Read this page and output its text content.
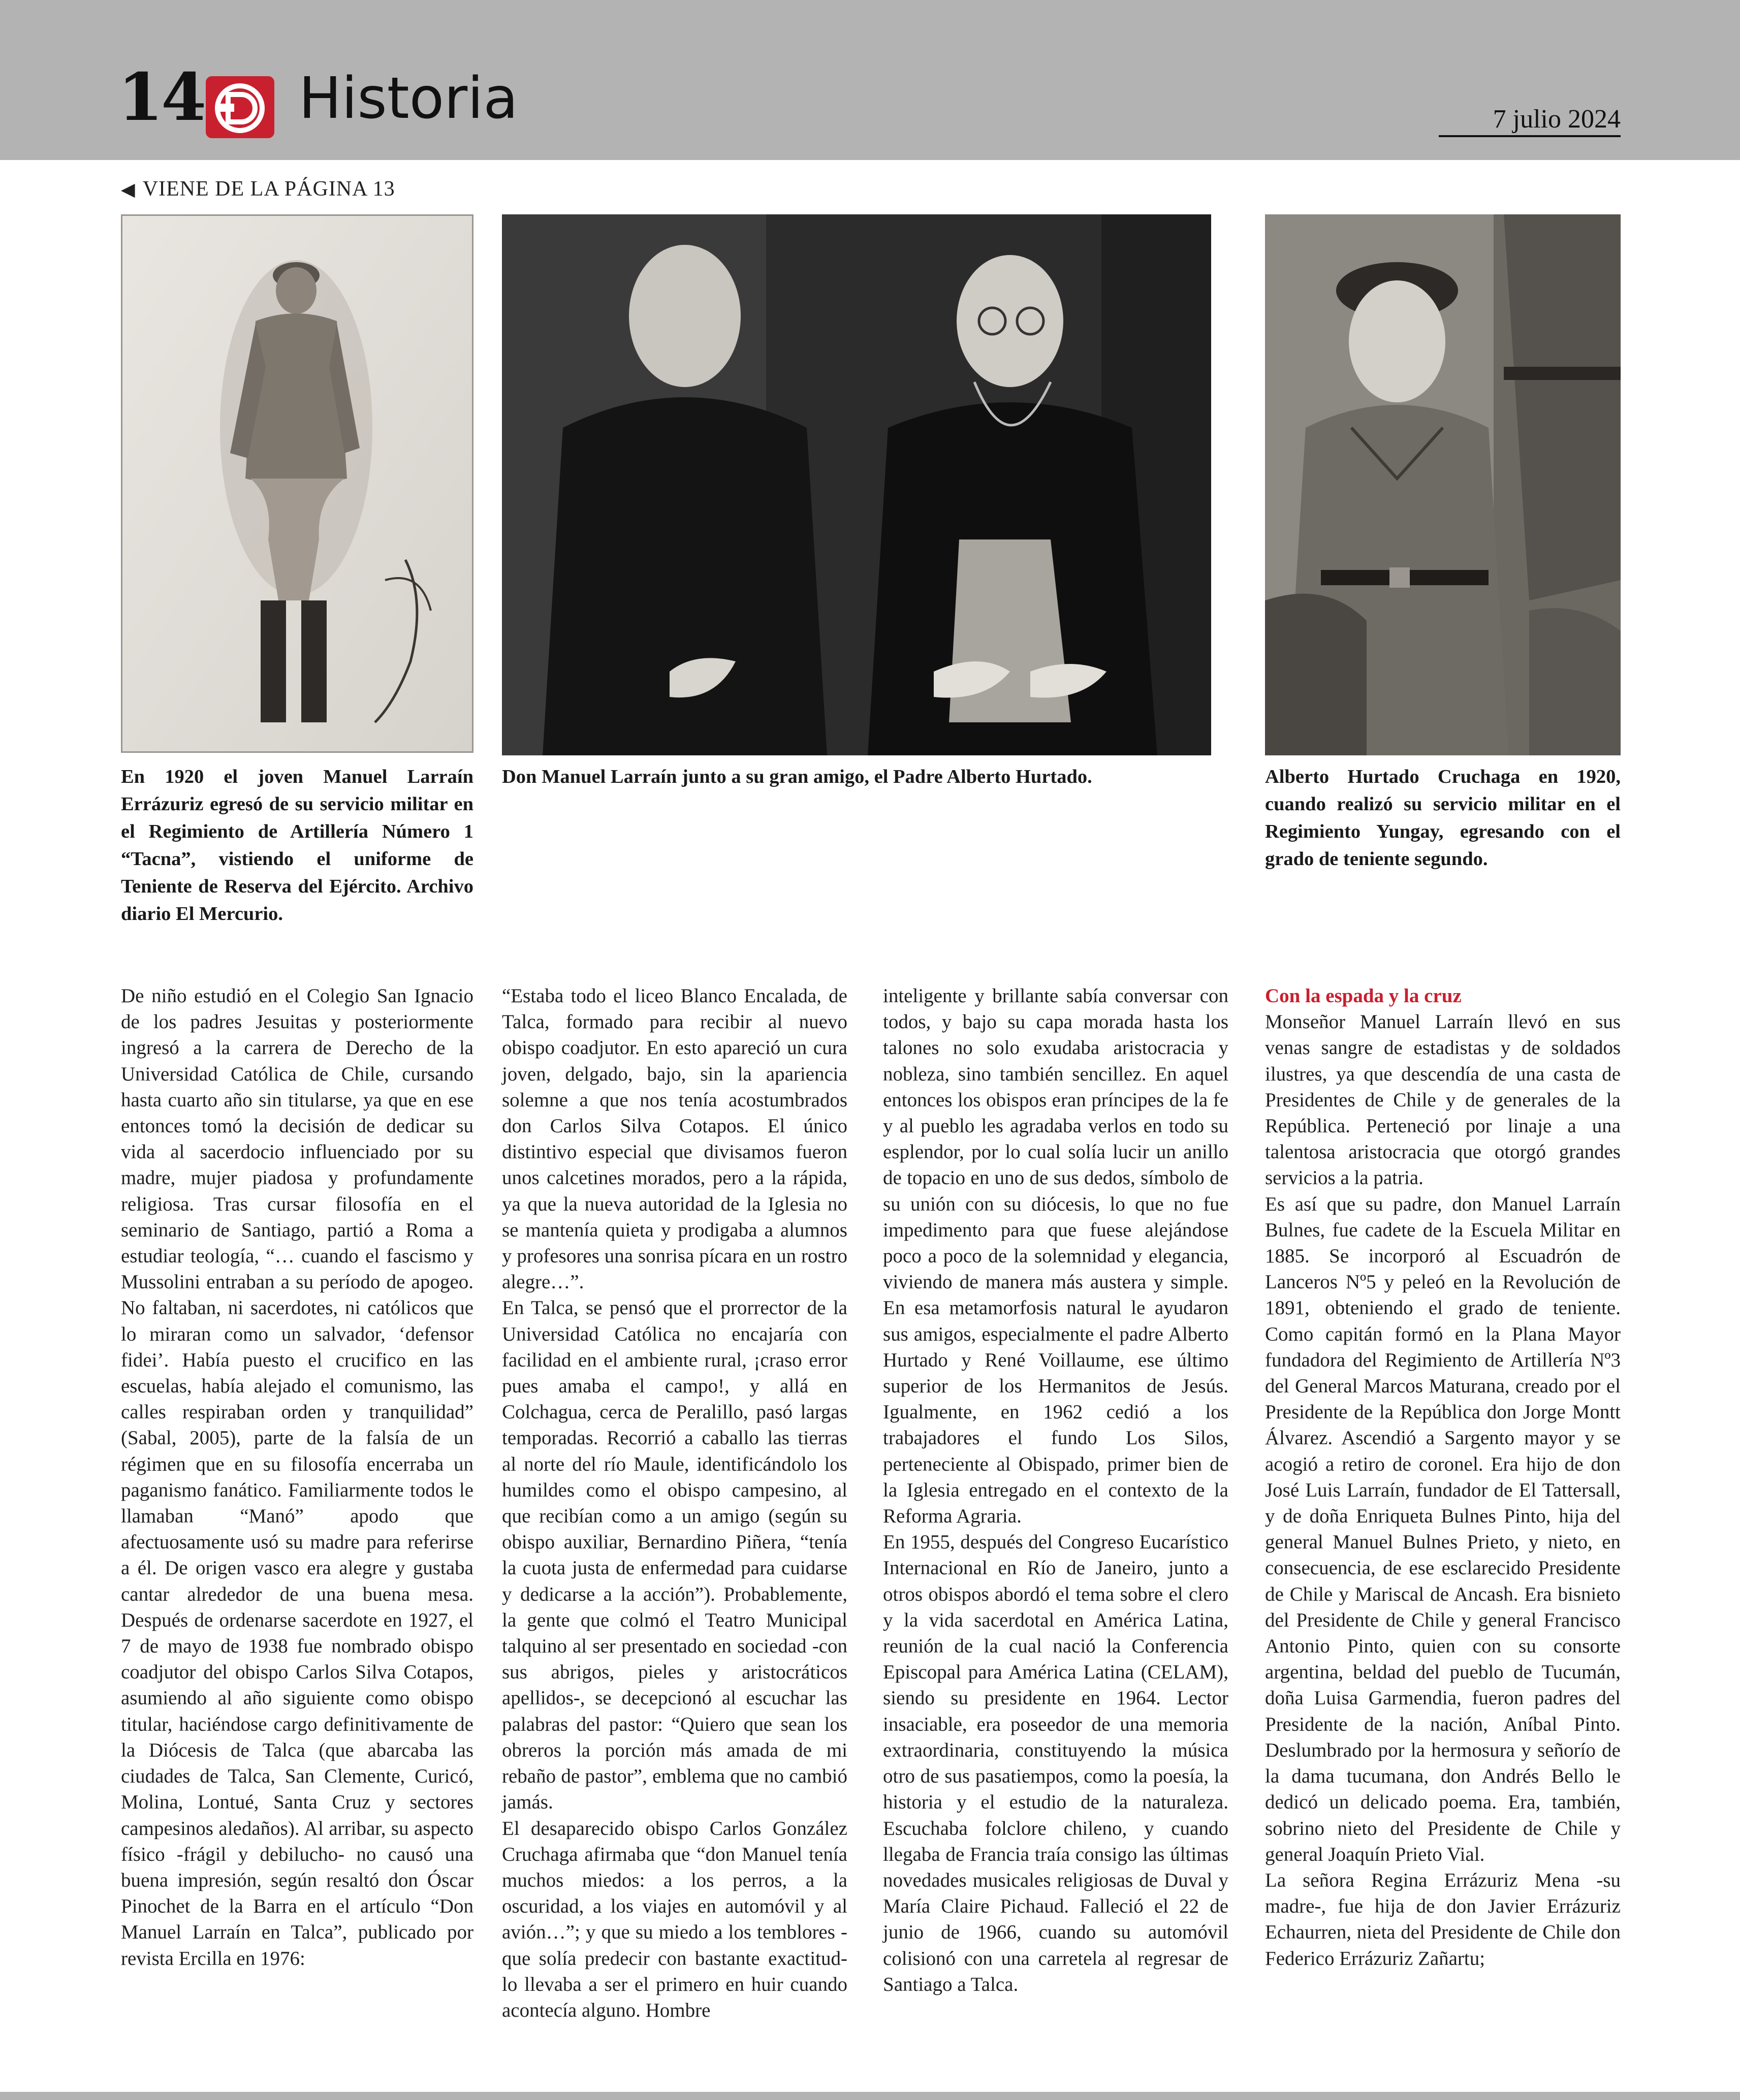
14 Historia	7 julio 2024
◀ VIENE DE LA PÁGINA 13
En 1920 el joven Manuel Larraín Errázuriz egresó de su servicio militar en el Regimiento de Artillería Número 1 “Tacna”, vistiendo el uniforme de Teniente de Reserva del Ejército. Archivo diario El Mercurio.
Don Manuel Larraín junto a su gran amigo, el Padre Alberto Hurtado.	Alberto Hurtado Cruchaga en 1920, cuando realizó su servicio militar en el Regimiento Yungay, egresando con el grado de teniente segundo.

De niño estudió en el Colegio San Ignacio de los padres Jesuitas y posteriormente ingresó a la carrera de Derecho de la Universidad Católica de Chile, cursando hasta cuarto año sin titularse, ya que en ese entonces tomó la decisión de dedicar su vida al sacerdocio influenciado por su madre, mujer piadosa y profundamente religiosa. Tras cursar filosofía en el seminario de Santiago, partió a Roma a estudiar teología, “… cuando el fascismo y Mussolini entraban a su período de apogeo. No faltaban, ni sacerdotes, ni católicos que lo miraran como un salvador, ‘defensor fidei’. Había puesto el crucifico en las escuelas, había alejado el comunismo, las calles respiraban orden y tranquilidad” (Sabal, 2005), parte de la falsía de un régimen que en su filosofía encerraba un paganismo fanático. Familiarmente todos le llamaban “Manó” apodo que afectuosamente usó su madre para referirse a él. De origen vasco era alegre y gustaba cantar alrededor de una buena mesa. Después de ordenarse sacerdote en 1927, el 7 de mayo de 1938 fue nombrado obispo coadjutor del obispo Carlos Silva Cotapos, asumiendo al año siguiente como obispo titular, haciéndose cargo definitivamente de la Diócesis de Talca (que abarcaba las ciudades de Talca, San Clemente, Curicó, Molina, Lontué, Santa Cruz y sectores campesinos aledaños). Al arribar, su aspecto físico -frágil y debilucho- no causó una buena impresión, según resaltó don Óscar Pinochet de la Barra en el artículo “Don Manuel Larraín en Talca”, publicado por revista Ercilla en 1976:

“Estaba todo el liceo Blanco Encalada, de Talca, formado para recibir al nuevo obispo coadjutor. En esto apareció un cura joven, delgado, bajo, sin la apariencia solemne a que nos tenía acostumbrados don Carlos Silva Cotapos. El único distintivo especial que divisamos fueron unos calcetines morados, pero a la rápida, ya que la nueva autoridad de la Iglesia no se mantenía quieta y prodigaba a alumnos y profesores una sonrisa pícara en un rostro alegre…”.
En Talca, se pensó que el prorrector de la Universidad Católica no encajaría con facilidad en el ambiente rural, ¡craso error pues amaba el campo!, y allá en Colchagua, cerca de Peralillo, pasó largas temporadas. Recorrió a caballo las tierras al norte del río Maule, identificándolo los humildes como el obispo campesino, al que recibían como a un amigo (según su obispo auxiliar, Bernardino Piñera, “tenía la cuota justa de enfermedad para cuidarse y dedicarse a la acción”). Probablemente, la gente que colmó el Teatro Municipal talquino al ser presentado en sociedad -con sus abrigos, pieles y aristocráticos apellidos-, se decepcionó al escuchar las palabras del pastor: “Quiero que sean los obreros la porción más amada de mi rebaño de pastor”, emblema que no cambió jamás.
El desaparecido obispo Carlos González Cruchaga afirmaba que “don Manuel tenía muchos miedos: a los perros, a la oscuridad, a los viajes en automóvil y al avión…”; y que su miedo a los temblores -que solía predecir con bastante exactitud- lo llevaba a ser el primero en huir cuando acontecía alguno. Hombre
inteligente y brillante sabía conversar con todos, y bajo su capa morada hasta los talones no solo exudaba aristocracia y nobleza, sino también sencillez. En aquel entonces los obispos eran príncipes de la fe y al pueblo les agradaba verlos en todo su esplendor, por lo cual solía lucir un anillo de topacio en uno de sus dedos, símbolo de su unión con su diócesis, lo que no fue impedimento para que fuese alejándose poco a poco de la solemnidad y elegancia, viviendo de manera más austera y simple. En esa metamorfosis natural le ayudaron sus amigos, especialmente el padre Alberto Hurtado y René Voillaume, ese último superior de los Hermanitos de Jesús. Igualmente, en 1962 cedió a los trabajadores el fundo Los Silos, perteneciente al Obispado, primer bien de la Iglesia entregado en el contexto de la Reforma Agraria.
En 1955, después del Congreso Eucarístico Internacional en Río de Janeiro, junto a otros obispos abordó el tema sobre el clero y la vida sacerdotal en América Latina, reunión de la cual nació la Conferencia Episcopal para América Latina (CELAM), siendo su presidente en 1964. Lector insaciable, era poseedor de una memoria extraordinaria, constituyendo la música otro de sus pasatiempos, como la poesía, la historia y el estudio de la naturaleza. Escuchaba folclore chileno, y cuando llegaba de Francia traía consigo las últimas novedades musicales religiosas de Duval y María Claire Pichaud. Falleció el 22 de junio de 1966, cuando su automóvil colisionó con una carretela al regresar de Santiago a Talca.

Con la espada y la cruz

Monseñor Manuel Larraín llevó en sus venas sangre de estadistas y de soldados ilustres, ya que descendía de una casta de Presidentes de Chile y de generales de la República. Perteneció por linaje a una talentosa aristocracia que otorgó grandes servicios a la patria.
Es así que su padre, don Manuel Larraín Bulnes, fue cadete de la Escuela Militar en 1885. Se incorporó al Escuadrón de Lanceros Nº5 y peleó en la Revolución de 1891, obteniendo el grado de teniente. Como capitán formó en la Plana Mayor fundadora del Regimiento de Artillería Nº3 del General Marcos Maturana, creado por el Presidente de la República don Jorge Montt Álvarez. Ascendió a Sargento mayor y se acogió a retiro de coronel. Era hijo de don José Luis Larraín, fundador de El Tattersall, y de doña Enriqueta Bulnes Pinto, hija del general Manuel Bulnes Prieto, y nieto, en consecuencia, de ese esclarecido Presidente de Chile y Mariscal de Ancash. Era bisnieto del Presidente de Chile y general Francisco Antonio Pinto, quien con su consorte argentina, beldad del pueblo de Tucumán, doña Luisa Garmendia, fueron padres del Presidente de la nación, Aníbal Pinto. Deslumbrado por la hermosura y señorío de la dama tucumana, don Andrés Bello le dedicó un delicado poema. Era, también, sobrino nieto del Presidente de Chile y general Joaquín Prieto Vial.
La señora Regina Errázuriz Mena -su madre-, fue hija de don Javier Errázuriz Echaurren, nieta del Presidente de Chile don Federico Errázuriz Zañartu;
